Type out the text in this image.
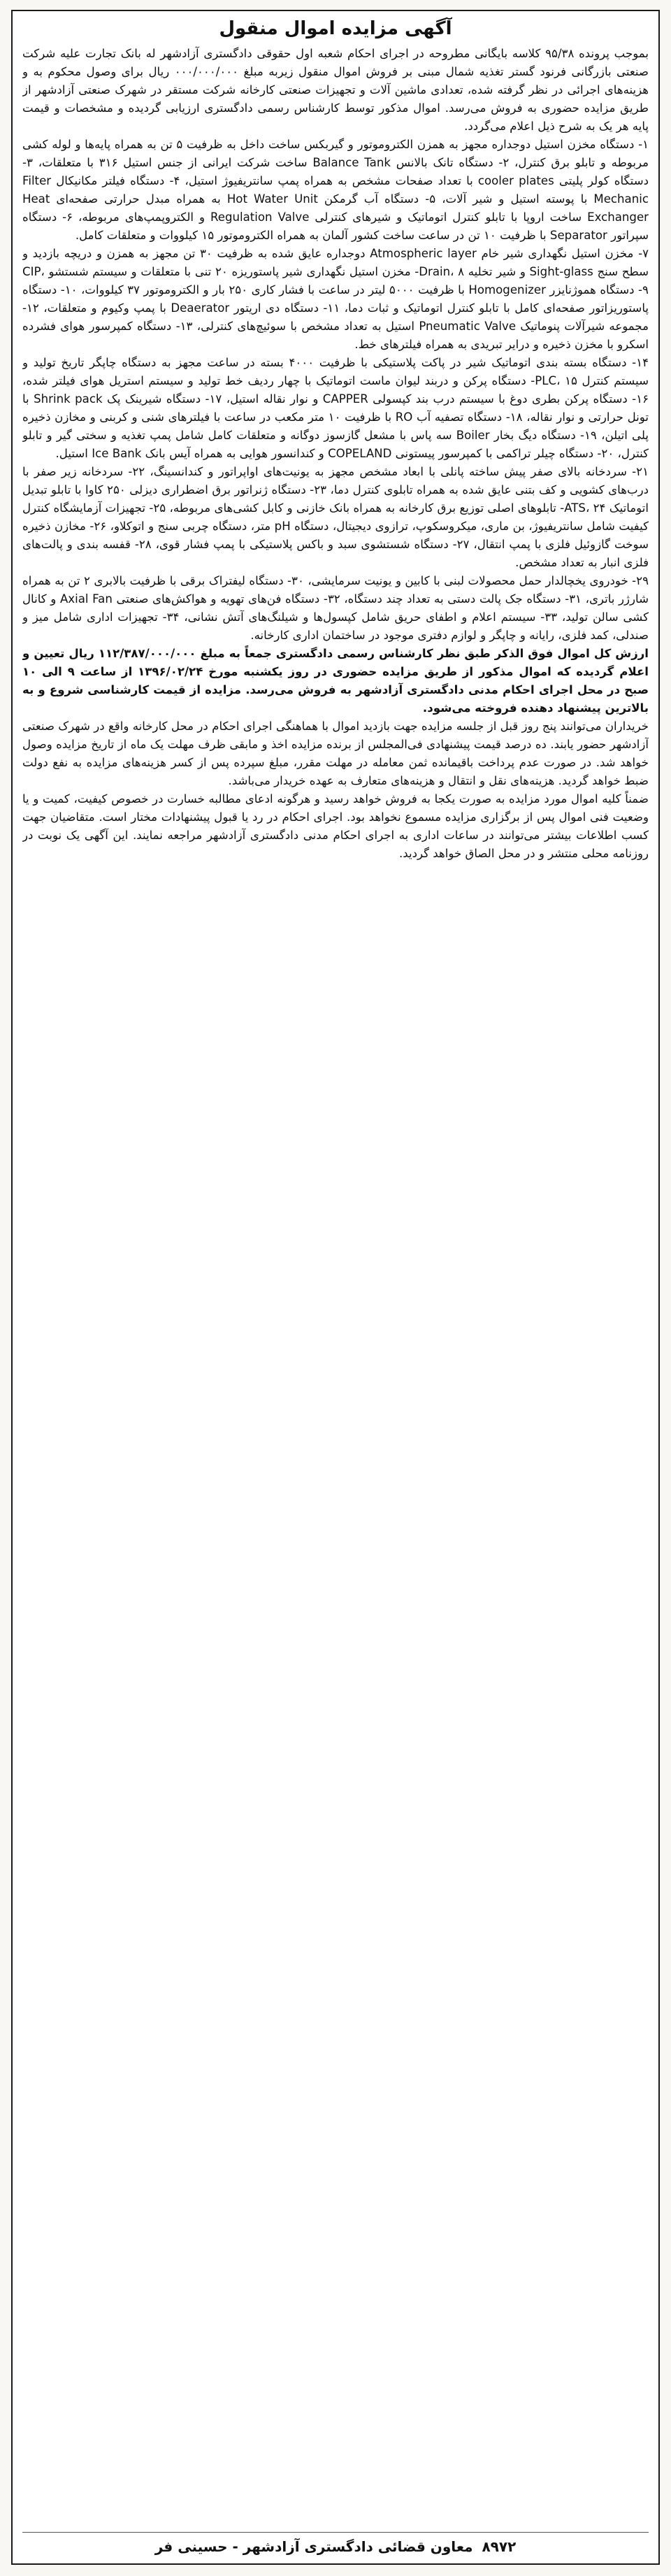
آگهی مزایده اموال منقول

بموجب پرونده ۹۵/۳۸ کلاسه بایگانی مطروحه در اجرای احکام شعبه اول حقوقی دادگستری آزادشهر له بانک تجارت علیه شرکت صنعتی بازرگانی فرنود گستر تغذیه شمال مبنی بر فروش اموال منقول زیربه مبلغ ۰۰۰/۰۰۰/۰۰۰ ریال برای وصول محکوم به و هزینه‌های اجرائی در نظر گرفته شده، تعدادی ماشین آلات و تجهیزات صنعتی کارخانه شرکت مستقر در شهرک صنعتی آزادشهر از طریق مزایده حضوری به فروش می‌رسد. اموال مذکور توسط کارشناس رسمی دادگستری ارزیابی گردیده و مشخصات و قیمت پایه هر یک به شرح ذیل اعلام می‌گردد.

۱- دستگاه مخزن استیل دوجداره مجهز به همزن الکتروموتور و گیربکس ساخت داخل به ظرفیت ۵ تن به همراه پایه‌ها و لوله کشی مربوطه و تابلو برق کنترل، ۲- دستگاه تانک بالانس Balance Tank ساخت شرکت ایرانی از جنس استیل ۳۱۶ با متعلقات، ۳- دستگاه کولر پلیتی cooler plates با تعداد صفحات مشخص به همراه پمپ سانتریفیوژ استیل، ۴- دستگاه فیلتر مکانیکال Filter Mechanic با پوسته استیل و شیر آلات، ۵- دستگاه آب گرمکن Hot Water Unit به همراه مبدل حرارتی صفحه‌ای Heat Exchanger ساخت اروپا با تابلو کنترل اتوماتیک و شیرهای کنترلی Regulation Valve و الکتروپمپ‌های مربوطه، ۶- دستگاه سپراتور Separator با ظرفیت ۱۰ تن در ساعت ساخت کشور آلمان به همراه الکتروموتور ۱۵ کیلووات و متعلقات کامل.

۷- مخزن استیل نگهداری شیر خام Atmospheric layer دوجداره عایق شده به ظرفیت ۳۰ تن مجهز به همزن و دریچه بازدید و سطح سنج Sight-glass و شیر تخلیه Drain، ۸- مخزن استیل نگهداری شیر پاستوریزه ۲۰ تنی با متعلقات و سیستم شستشو CIP، ۹- دستگاه هموژنایزر Homogenizer با ظرفیت ۵۰۰۰ لیتر در ساعت با فشار کاری ۲۵۰ بار و الکتروموتور ۳۷ کیلووات، ۱۰- دستگاه پاستوریزاتور صفحه‌ای کامل با تابلو کنترل اتوماتیک و ثبات دما، ۱۱- دستگاه دی اریتور Deaerator با پمپ وکیوم و متعلقات، ۱۲- مجموعه شیرآلات پنوماتیک Pneumatic Valve استیل به تعداد مشخص با سوئیچ‌های کنترلی، ۱۳- دستگاه کمپرسور هوای فشرده اسکرو با مخزن ذخیره و درایر تبریدی به همراه فیلترهای خط.

۱۴- دستگاه بسته بندی اتوماتیک شیر در پاکت پلاستیکی با ظرفیت ۴۰۰۰ بسته در ساعت مجهز به دستگاه چاپگر تاریخ تولید و سیستم کنترل PLC، ۱۵- دستگاه پرکن و دربند لیوان ماست اتوماتیک با چهار ردیف خط تولید و سیستم استریل هوای فیلتر شده، ۱۶- دستگاه پرکن بطری دوغ با سیستم درب بند کپسولی CAPPER و نوار نقاله استیل، ۱۷- دستگاه شیرینک پک Shrink pack با تونل حرارتی و نوار نقاله، ۱۸- دستگاه تصفیه آب RO با ظرفیت ۱۰ متر مکعب در ساعت با فیلترهای شنی و کربنی و مخازن ذخیره پلی اتیلن، ۱۹- دستگاه دیگ بخار Boiler سه پاس با مشعل گازسوز دوگانه و متعلقات کامل شامل پمپ تغذیه و سختی گیر و تابلو کنترل، ۲۰- دستگاه چیلر تراکمی با کمپرسور پیستونی COPELAND و کندانسور هوایی به همراه آیس بانک Ice Bank استیل.

۲۱- سردخانه بالای صفر پیش ساخته پانلی با ابعاد مشخص مجهز به یونیت‌های اواپراتور و کندانسینگ، ۲۲- سردخانه زیر صفر با درب‌های کشویی و کف بتنی عایق شده به همراه تابلوی کنترل دما، ۲۳- دستگاه ژنراتور برق اضطراری دیزلی ۲۵۰ کاوا با تابلو تبدیل اتوماتیک ATS، ۲۴- تابلوهای اصلی توزیع برق کارخانه به همراه بانک خازنی و کابل کشی‌های مربوطه، ۲۵- تجهیزات آزمایشگاه کنترل کیفیت شامل سانتریفیوژ، بن ماری، میکروسکوپ، ترازوی دیجیتال، دستگاه pH متر، دستگاه چربی سنج و اتوکلاو، ۲۶- مخازن ذخیره سوخت گازوئیل فلزی با پمپ انتقال، ۲۷- دستگاه شستشوی سبد و باکس پلاستیکی با پمپ فشار قوی، ۲۸- قفسه بندی و پالت‌های فلزی انبار به تعداد مشخص.

۲۹- خودروی یخچالدار حمل محصولات لبنی با کابین و یونیت سرمایشی، ۳۰- دستگاه لیفتراک برقی با ظرفیت بالابری ۲ تن به همراه شارژر باتری، ۳۱- دستگاه جک پالت دستی به تعداد چند دستگاه، ۳۲- دستگاه فن‌های تهویه و هواکش‌های صنعتی Axial Fan و کانال کشی سالن تولید، ۳۳- سیستم اعلام و اطفای حریق شامل کپسول‌ها و شیلنگ‌های آتش نشانی، ۳۴- تجهیزات اداری شامل میز و صندلی، کمد فلزی، رایانه و چاپگر و لوازم دفتری موجود در ساختمان اداری کارخانه.

ارزش کل اموال فوق الذکر طبق نظر کارشناس رسمی دادگستری جمعاً به مبلغ ۱۱۲/۳۸۷/۰۰۰/۰۰۰ ریال تعیین و اعلام گردیده که اموال مذکور از طریق مزایده حضوری در روز یکشنبه مورخ ۱۳۹۶/۰۲/۲۴ از ساعت ۹ الی ۱۰ صبح در محل اجرای احکام مدنی دادگستری آزادشهر به فروش می‌رسد. مزایده از قیمت کارشناسی شروع و به بالاترین پیشنهاد دهنده فروخته می‌شود.

خریداران می‌توانند پنج روز قبل از جلسه مزایده جهت بازدید اموال با هماهنگی اجرای احکام در محل کارخانه واقع در شهرک صنعتی آزادشهر حضور یابند. ده درصد قیمت پیشنهادی فی‌المجلس از برنده مزایده اخذ و مابقی ظرف مهلت یک ماه از تاریخ مزایده وصول خواهد شد. در صورت عدم پرداخت باقیمانده ثمن معامله در مهلت مقرر، مبلغ سپرده پس از کسر هزینه‌های مزایده به نفع دولت ضبط خواهد گردید. هزینه‌های نقل و انتقال و هزینه‌های متعارف به عهده خریدار می‌باشد.

ضمناً کلیه اموال مورد مزایده به صورت یکجا به فروش خواهد رسید و هرگونه ادعای مطالبه خسارت در خصوص کیفیت، کمیت و یا وضعیت فنی اموال پس از برگزاری مزایده مسموع نخواهد بود. اجرای احکام در رد یا قبول پیشنهادات مختار است. متقاضیان جهت کسب اطلاعات بیشتر می‌توانند در ساعات اداری به اجرای احکام مدنی دادگستری آزادشهر مراجعه نمایند. این آگهی یک نوبت در روزنامه محلی منتشر و در محل الصاق خواهد گردید.

۸۹۷۲ معاون قضائی دادگستری آزادشهر - حسینی فر
